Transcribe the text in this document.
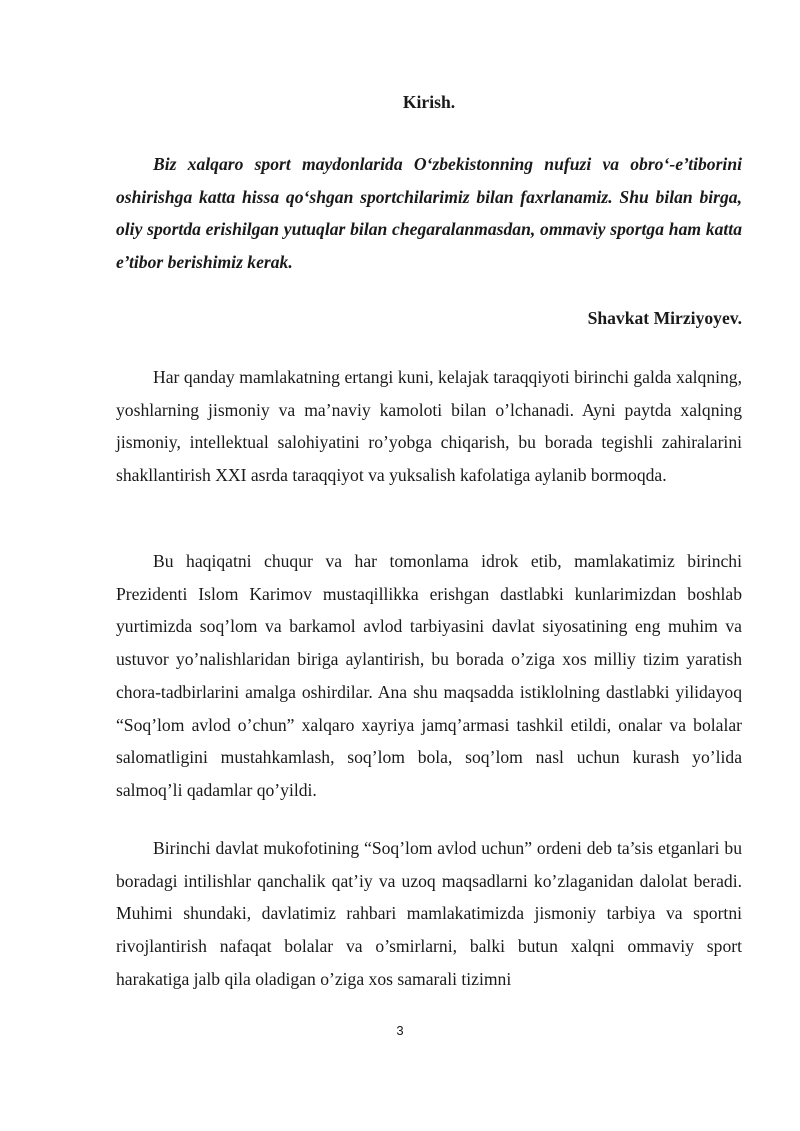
Kirish.

Biz xalqaro sport maydonlarida O‘zbekistonning nufuzi va obro‘-e’tiborini oshirishga katta hissa qo‘shgan sportchilarimiz bilan faxrlanamiz. Shu bilan birga, oliy sportda erishilgan yutuqlar bilan chegaralanmasdan, ommaviy sportga ham katta e’tibor berishimiz kerak.

Shavkat Mirziyoyev.

Har qanday mamlakatning ertangi kuni, kelajak taraqqiyoti birinchi galda xalqning, yoshlarning jismoniy va ma’naviy kamoloti bilan o’lchanadi. Ayni paytda xalqning jismoniy, intellektual salohiyatini ro’yobga chiqarish, bu borada tegishli zahiralarini shakllantirish XXI asrda taraqqiyot va yuksalish kafolatiga aylanib bormoqda.

Bu haqiqatni chuqur va har tomonlama idrok etib, mamlakatimiz birinchi Prezidenti Islom Karimov mustaqillikka erishgan dastlabki kunlarimizdan boshlab yurtimizda soq’lom va barkamol avlod tarbiyasini davlat siyosatining eng muhim va ustuvor yo’nalishlaridan biriga aylantirish, bu borada o’ziga xos milliy tizim yaratish chora-tadbirlarini amalga oshirdilar. Ana shu maqsadda istiklolning dastlabki yilidayoq “Soq’lom avlod o’chun” xalqaro xayriya jamq’armasi tashkil etildi, onalar va bolalar salomatligini mustahkamlash, soq’lom bola, soq’lom nasl uchun kurash yo’lida salmoq’li qadamlar qo’yildi.

Birinchi davlat mukofotining “Soq’lom avlod uchun” ordeni deb ta’sis etganlari bu boradagi intilishlar qanchalik qat’iy va uzoq maqsadlarni ko’zlaganidan dalolat beradi. Muhimi shundaki, davlatimiz rahbari mamlakatimizda jismoniy tarbiya va sportni rivojlantirish nafaqat bolalar va o’smirlarni, balki butun xalqni ommaviy sport harakatiga jalb qila oladigan o’ziga xos samarali tizimni

3
